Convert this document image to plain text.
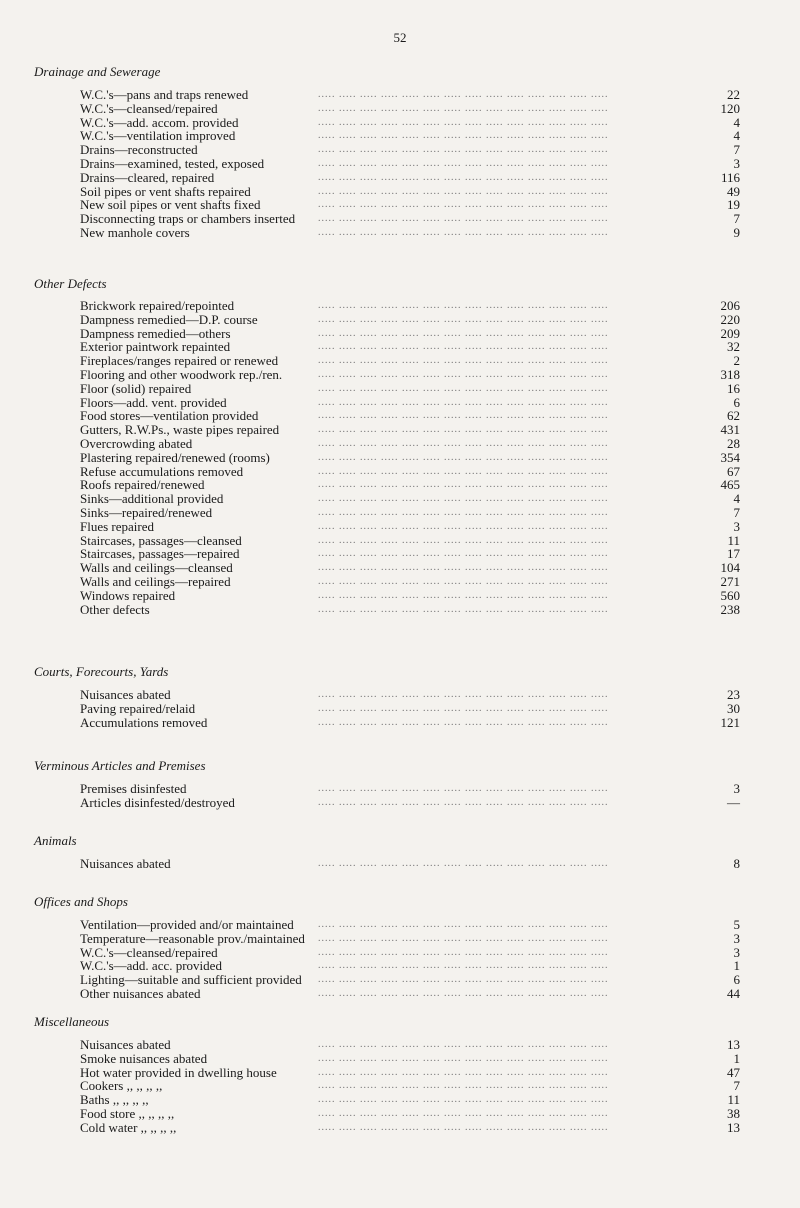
52
Drainage and Sewerage
W.C.'s—pans and traps renewed	..... ..... ..... ..... ..... ..... ..... ..... ..... ..... ..... ..... ..... .....	22
W.C.'s—cleansed/repaired	..... ..... ..... ..... ..... ..... ..... ..... ..... ..... ..... ..... ..... .....	120
W.C.'s—add. accom. provided	..... ..... ..... ..... ..... ..... ..... ..... ..... ..... ..... ..... ..... .....	4
W.C.'s—ventilation improved	..... ..... ..... ..... ..... ..... ..... ..... ..... ..... ..... ..... ..... .....	4
Drains—reconstructed	..... ..... ..... ..... ..... ..... ..... ..... ..... ..... ..... ..... ..... .....	7
Drains—examined, tested, exposed	..... ..... ..... ..... ..... ..... ..... ..... ..... ..... ..... ..... ..... .....	3
Drains—cleared, repaired	..... ..... ..... ..... ..... ..... ..... ..... ..... ..... ..... ..... ..... .....	116
Soil pipes or vent shafts repaired	..... ..... ..... ..... ..... ..... ..... ..... ..... ..... ..... ..... ..... .....	49
New soil pipes or vent shafts fixed	..... ..... ..... ..... ..... ..... ..... ..... ..... ..... ..... ..... ..... .....	19
Disconnecting traps or chambers inserted ..... ..... ..... ..... ..... ..... ..... ..... ..... ..... ..... ..... ..... .....	7
New manhole covers	..... ..... ..... ..... ..... ..... ..... ..... ..... ..... ..... ..... ..... .....	9
Other Defects
Brickwork repaired/repointed	..... ..... ..... ..... ..... ..... ..... ..... ..... ..... ..... ..... ..... .....	206
Dampness remedied—D.P. course	..... ..... ..... ..... ..... ..... ..... ..... ..... ..... ..... ..... ..... .....	220
Dampness remedied—others	..... ..... ..... ..... ..... ..... ..... ..... ..... ..... ..... ..... ..... .....	209
Exterior paintwork repainted	..... ..... ..... ..... ..... ..... ..... ..... ..... ..... ..... ..... ..... .....	32
Fireplaces/ranges repaired or renewed	..... ..... ..... ..... ..... ..... ..... ..... ..... ..... ..... ..... ..... .....	2
Flooring and other woodwork rep./ren.	..... ..... ..... ..... ..... ..... ..... ..... ..... ..... ..... ..... ..... .....	318
Floor (solid) repaired	..... ..... ..... ..... ..... ..... ..... ..... ..... ..... ..... ..... ..... .....	16
Floors—add. vent. provided	..... ..... ..... ..... ..... ..... ..... ..... ..... ..... ..... ..... ..... .....	6
Food stores—ventilation provided	..... ..... ..... ..... ..... ..... ..... ..... ..... ..... ..... ..... ..... .....	62
Gutters, R.W.Ps., waste pipes repaired	..... ..... ..... ..... ..... ..... ..... ..... ..... ..... ..... ..... ..... .....	431
Overcrowding abated	..... ..... ..... ..... ..... ..... ..... ..... ..... ..... ..... ..... ..... .....	28
Plastering repaired/renewed (rooms)	..... ..... ..... ..... ..... ..... ..... ..... ..... ..... ..... ..... ..... .....	354
Refuse accumulations removed	..... ..... ..... ..... ..... ..... ..... ..... ..... ..... ..... ..... ..... .....	67
Roofs repaired/renewed	..... ..... ..... ..... ..... ..... ..... ..... ..... ..... ..... ..... ..... .....	465
Sinks—additional provided	..... ..... ..... ..... ..... ..... ..... ..... ..... ..... ..... ..... ..... .....	4
Sinks—repaired/renewed	..... ..... ..... ..... ..... ..... ..... ..... ..... ..... ..... ..... ..... .....	7
Flues repaired	..... ..... ..... ..... ..... ..... ..... ..... ..... ..... ..... ..... ..... .....	3
Staircases, passages—cleansed	..... ..... ..... ..... ..... ..... ..... ..... ..... ..... ..... ..... ..... .....	11
Staircases, passages—repaired	..... ..... ..... ..... ..... ..... ..... ..... ..... ..... ..... ..... ..... .....	17
Walls and ceilings—cleansed	..... ..... ..... ..... ..... ..... ..... ..... ..... ..... ..... ..... ..... .....	104
Walls and ceilings—repaired	..... ..... ..... ..... ..... ..... ..... ..... ..... ..... ..... ..... ..... .....	271
Windows repaired	..... ..... ..... ..... ..... ..... ..... ..... ..... ..... ..... ..... ..... .....	560
Other defects	..... ..... ..... ..... ..... ..... ..... ..... ..... ..... ..... ..... ..... .....	238
Courts, Forecourts, Yards
Nuisances abated	..... ..... ..... ..... ..... ..... ..... ..... ..... ..... ..... ..... ..... .....	23
Paving repaired/relaid	..... ..... ..... ..... ..... ..... ..... ..... ..... ..... ..... ..... ..... .....	30
Accumulations removed	..... ..... ..... ..... ..... ..... ..... ..... ..... ..... ..... ..... ..... .....	121
Verminous Articles and Premises
Premises disinfested	..... ..... ..... ..... ..... ..... ..... ..... ..... ..... ..... ..... ..... .....	3
Articles disinfested/destroyed	..... ..... ..... ..... ..... ..... ..... ..... ..... ..... ..... ..... ..... .....	—
Animals
Nuisances abated	..... ..... ..... ..... ..... ..... ..... ..... ..... ..... ..... ..... ..... .....	8
Offices and Shops
Ventilation—provided and/or maintained ..... ..... ..... ..... ..... ..... ..... ..... ..... ..... ..... ..... ..... .....	5
Temperature—reasonable prov./maintained ..... ..... ..... ..... ..... ..... ..... ..... ..... ..... ..... ..... ..... .....	3
W.C.'s—cleansed/repaired	..... ..... ..... ..... ..... ..... ..... ..... ..... ..... ..... ..... ..... .....	3
W.C.'s—add. acc. provided	..... ..... ..... ..... ..... ..... ..... ..... ..... ..... ..... ..... ..... .....	1
Lighting—suitable and sufficient provided ..... ..... ..... ..... ..... ..... ..... ..... ..... ..... ..... ..... ..... .....	6
Other nuisances abated	..... ..... ..... ..... ..... ..... ..... ..... ..... ..... ..... ..... ..... .....	44
Miscellaneous
Nuisances abated	..... ..... ..... ..... ..... ..... ..... ..... ..... ..... ..... ..... ..... .....	13
Smoke nuisances abated	..... ..... ..... ..... ..... ..... ..... ..... ..... ..... ..... ..... ..... .....	1
Hot water provided in dwelling house	..... ..... ..... ..... ..... ..... ..... ..... ..... ..... ..... ..... ..... .....	47
Cookers ,, ,, ,, ,,	..... ..... ..... ..... ..... ..... ..... ..... ..... ..... ..... ..... ..... .....	7
Baths ,, ,, ,, ,,	..... ..... ..... ..... ..... ..... ..... ..... ..... ..... ..... ..... ..... .....	11
Food store ,, ,, ,, ,,	..... ..... ..... ..... ..... ..... ..... ..... ..... ..... ..... ..... ..... .....	38
Cold water ,, ,, ,, ,,	..... ..... ..... ..... ..... ..... ..... ..... ..... ..... ..... ..... ..... .....	13
